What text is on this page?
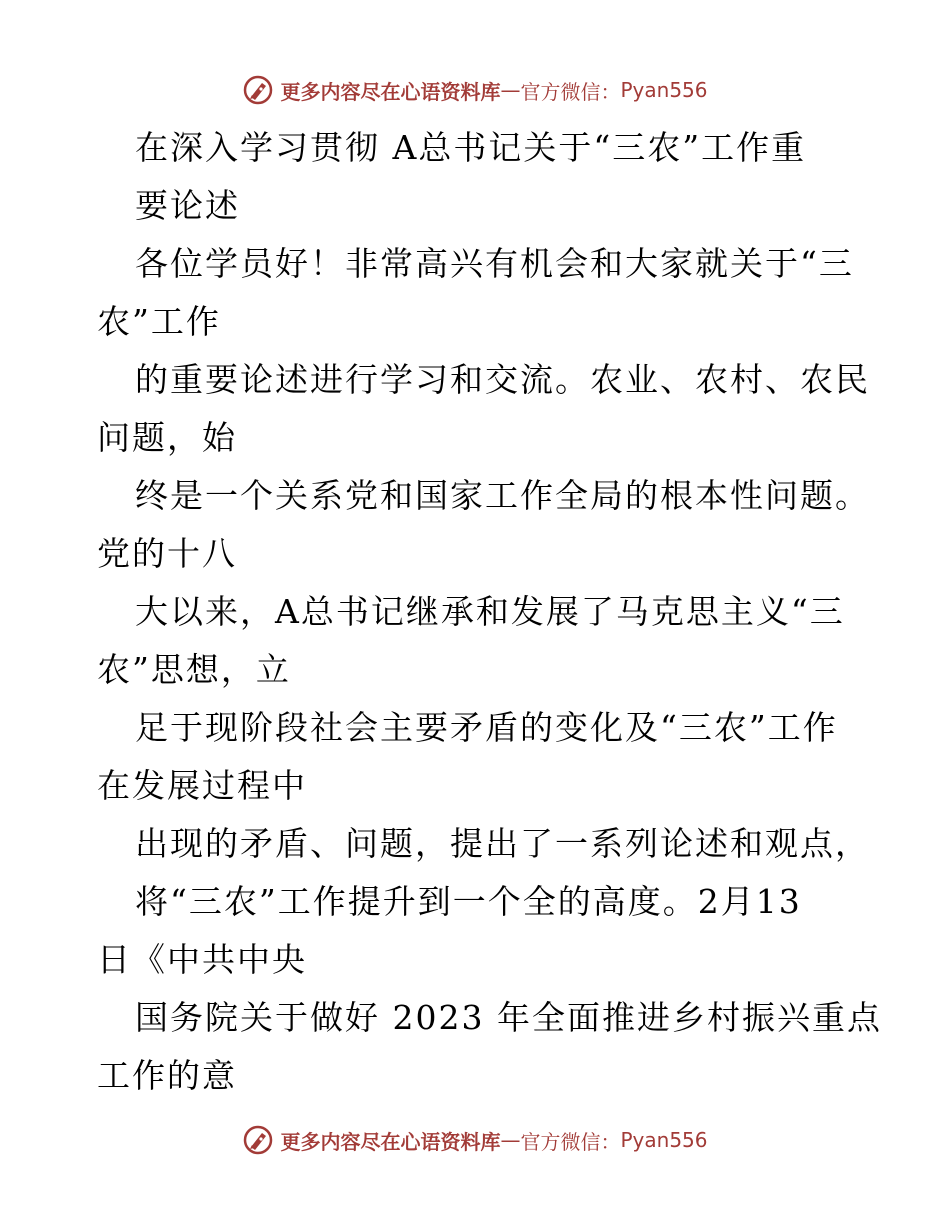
更多内容尽在心语资料库 — 官方微信： Pyan556
在深入学习贯彻 A总书记关于“三农”工作重
要论述
各位学员好！非常高兴有机会和大家就关于“三
农”工作
的重要论述进行学习和交流。农业、农村、农民
问题，始
终是一个关系党和国家工作全局的根本性问题。
党的十八
大以来，A总书记继承和发展了马克思主义“三
农”思想，立
足于现阶段社会主要矛盾的变化及“三农”工作
在发展过程中
出现的矛盾、问题，提出了一系列论述和观点，
将“三农”工作提升到一个全的高度。2月13
日《中共中央
国务院关于做好 2023 年全面推进乡村振兴重点
工作的意
更多内容尽在心语资料库 — 官方微信： Pyan556
